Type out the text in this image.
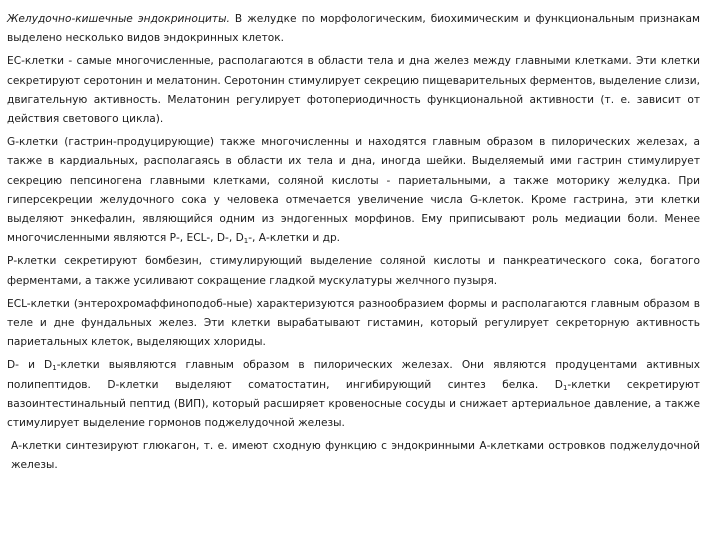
Желудочно-кишечные эндокриноциты. В желудке по морфологическим, биохимическим и функциональным признакам выделено несколько видов эндокринных клеток.

ЕС-клетки - самые многочисленные, располагаются в области тела и дна желез между главными клетками. Эти клетки секретируют серотонин и мелатонин. Серотонин стимулирует секрецию пищеварительных ферментов, выделение слизи, двигательную активность. Мелатонин регулирует фотопериодичность функциональной активности (т. е. зависит от действия светового цикла).

G-клетки (гастрин-продуцирующие) также многочисленны и находятся главным образом в пилорических железах, а также в кардиальных, располагаясь в области их тела и дна, иногда шейки. Выделяемый ими гастрин стимулирует секрецию пепсиногена главными клетками, соляной кислоты - париетальными, а также моторику желудка. При гиперсекреции желудочного сока у человека отмечается увеличение числа G-клеток. Кроме гастрина, эти клетки выделяют энкефалин, являющийся одним из эндогенных морфинов. Ему приписывают роль медиации боли. Менее многочисленными являются Р-, ECL-, D-, $D_1-$, А-клетки и др.

Р-клетки секретируют бомбезин, стимулирующий выделение соляной кислоты и панкреатического сока, богатого ферментами, а также усиливают сокращение гладкой мускулатуры желчного пузыря.

ECL-клетки (энтерохромаффиноподоб-ные) характеризуются разнообразием формы и располагаются главным образом в теле и дне фундальных желез. Эти клетки вырабатывают гистамин, который регулирует секреторную активность париетальных клеток, выделяющих хлориды.

D- и $D_1$-клетки выявляются главным образом в пилорических железах. Они являются продуцентами активных полипептидов. D-клетки выделяют соматостатин, ингибирующий синтез белка. $D_1$-клетки секретируют вазоинтестинальный пептид (ВИП), который расширяет кровеносные сосуды и снижает артериальное давление, а также стимулирует выделение гормонов поджелудочной железы.

А-клетки синтезируют глюкагон, т. е. имеют сходную функцию с эндокринными А-клетками островков поджелудочной железы.
